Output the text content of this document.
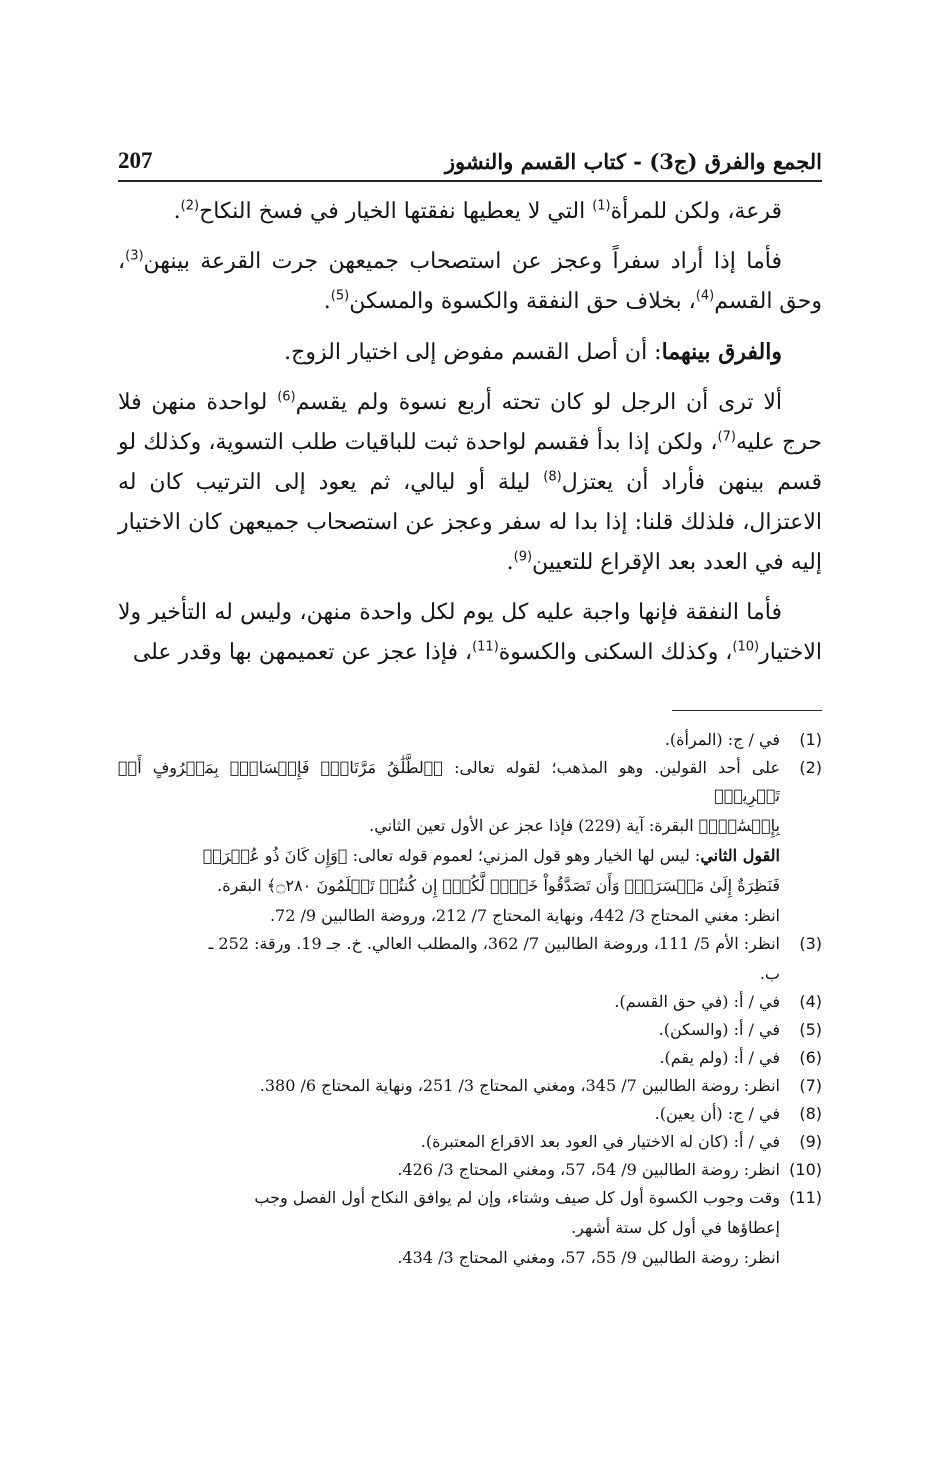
الجمع والفرق (ج3) - كتاب القسم والنشوز
207

قرعة، ولكن للمرأة$^{(1)}$ التي لا يعطيها نفقتها الخيار في فسخ النكاح$^{(2)}$.

فأما إذا أراد سفراً وعجز عن استصحاب جميعهن جرت القرعة بينهن$^{(3)}$، وحق القسم$^{(4)}$، بخلاف حق النفقة والكسوة والمسكن$^{(5)}$.

والفرق بينهما: أن أصل القسم مفوض إلى اختيار الزوج.

ألا ترى أن الرجل لو كان تحته أربع نسوة ولم يقسم$^{(6)}$ لواحدة منهن فلا حرج عليه$^{(7)}$، ولكن إذا بدأ فقسم لواحدة ثبت للباقيات طلب التسوية، وكذلك لو قسم بينهن فأراد أن يعتزل$^{(8)}$ ليلة أو ليالي، ثم يعود إلى الترتيب كان له الاعتزال، فلذلك قلنا: إذا بدا له سفر وعجز عن استصحاب جميعهن كان الاختيار إليه في العدد بعد الإقراع للتعيين$^{(9)}$.

فأما النفقة فإنها واجبة عليه كل يوم لكل واحدة منهن، وليس له التأخير ولا الاختيار$^{(10)}$، وكذلك السكنى والكسوة$^{(11)}$، فإذا عجز عن تعميمهن بها وقدر على

(1)
في / ج: (المرأة).
(2)
على أحد القولين. وهو المذهب؛ لقوله تعالى: ﴿ٱلطَّلَٰقُ مَرَّتَانِۖ فَإِمۡسَاكُۢ بِمَعۡرُوفٍ أَوۡ تَسۡرِيحُۢ
بِإِحۡسَٰنٖۗ﴾ البقرة: آية (229) فإذا عجز عن الأول تعين الثاني.
القول الثاني: ليس لها الخيار وهو قول المزني؛ لعموم قوله تعالى: ﴿وَإِن كَانَ ذُو عُسۡرَةٖ
فَنَظِرَةٌ إِلَىٰ مَيۡسَرَةٖۚ وَأَن تَصَدَّقُواْ خَيۡرٞ لَّكُمۡۖ إِن كُنتُمۡ تَعۡلَمُونَ ۝٢٨٠﴾ البقرة.
انظر: مغني المحتاج 3/ 442، ونهاية المحتاج 7/ 212، وروضة الطالبين 9/ 72.
(3)
انظر: الأم 5/ 111، وروضة الطالبين 7/ 362، والمطلب العالي. خ. جـ 19. ورقة: 252 ـ
ب.
(4)
في / أ: (في حق القسم).
(5)
في / أ: (والسكن).
(6)
في / أ: (ولم يقم).
(7)
انظر: روضة الطالبين 7/ 345، ومغني المحتاج 3/ 251، ونهاية المحتاج 6/ 380.
(8)
في / ج: (أن يعين).
(9)
في / أ: (كان له الاختيار في العود بعد الاقراع المعتبرة).
(10)
انظر: روضة الطالبين 9/ 54، 57، ومغني المحتاج 3/ 426.
(11)
وقت وجوب الكسوة أول كل صيف وشتاء، وإن لم يوافق النكاح أول الفصل وجب
إعطاؤها في أول كل ستة أشهر.
انظر: روضة الطالبين 9/ 55، 57، ومغني المحتاج 3/ 434.
